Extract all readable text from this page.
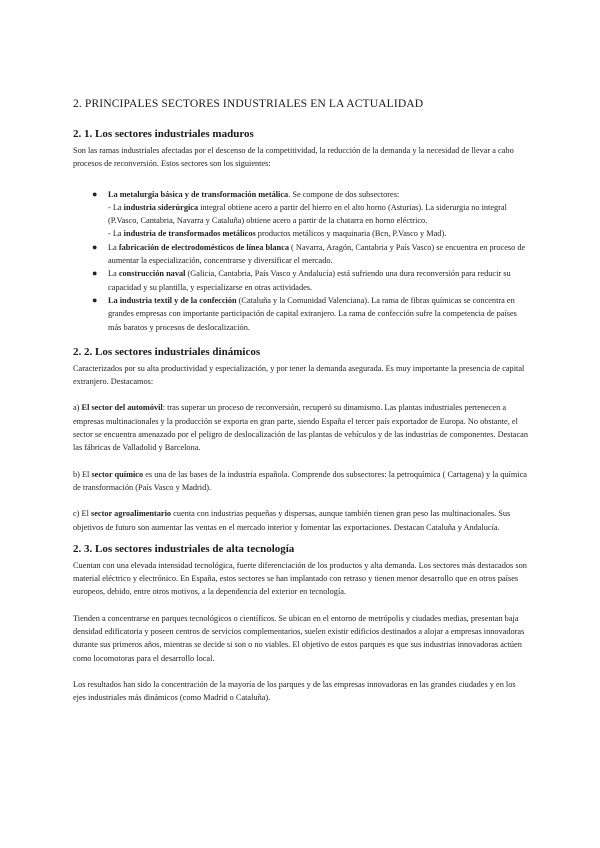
2. PRINCIPALES SECTORES INDUSTRIALES EN LA ACTUALIDAD
2. 1. Los sectores industriales maduros

Son las ramas industriales afectadas por el descenso de la competitividad, la reducción de la demanda y la necesidad de llevar a cabo procesos de reconversión. Estos sectores son los siguientes:

● La metalurgia básica y de transformación metálica. Se compone de dos subsectores:
- La industria siderúrgica integral obtiene acero a partir del hierro en el alto horno (Asturias). La siderurgia no integral (P.Vasco, Cantabria, Navarra y Cataluña) obtiene acero a partir de la chatarra en horno eléctrico.
- La industria de transformados metálicos productos metálicos y maquinaria (Bcn, P.Vasco y Mad).
● La fabricación de electrodomésticos de línea blanca ( Navarra, Aragón, Cantabria y País Vasco) se encuentra en proceso de aumentar la especialización, concentrarse y diversificar el mercado.
● La construcción naval (Galicia, Cantabria, País Vasco y Andalucía) está sufriendo una dura reconversión para reducir su capacidad y su plantilla, y especializarse en otras actividades.
● La industria textil y de la confección (Cataluña y la Comunidad Valenciana). La rama de fibras químicas se concentra en grandes empresas con importante participación de capital extranjero. La rama de confección sufre la competencia de países más baratos y procesos de deslocalización.
2. 2. Los sectores industriales dinámicos

Caracterizados por su alta productividad y especialización, y por tener la demanda asegurada. Es muy importante la presencia de capital extranjero. Destacamos:

a) El sector del automóvil: tras superar un proceso de reconversión, recuperó su dinamismo. Las plantas industriales pertenecen a empresas multinacionales y la producción se exporta en gran parte, siendo España el tercer país exportador de Europa. No obstante, el sector se encuentra amenazado por el peligro de deslocalización de las plantas de vehículos y de las industrias de componentes. Destacan las fábricas de Valladolid y Barcelona.

b) El sector químico es una de las bases de la industria española. Comprende dos subsectores: la petroquímica ( Cartagena) y la química de transformación (País Vasco y Madrid).

c) El sector agroalimentario cuenta con industrias pequeñas y dispersas, aunque también tienen gran peso las multinacionales. Sus objetivos de futuro son aumentar las ventas en el mercado interior y fomentar las exportaciones. Destacan Cataluña y Andalucía.

2. 3. Los sectores industriales de alta tecnología

Cuentan con una elevada intensidad tecnológica, fuerte diferenciación de los productos y alta demanda. Los sectores más destacados son material eléctrico y electrónico. En España, estos sectores se han implantado con retraso y tienen menor desarrollo que en otros países europeos, debido, entre otros motivos, a la dependencia del exterior en tecnología.

Tienden a concentrarse en parques tecnológicos o científicos. Se ubican en el entorno de metrópolis y ciudades medias, presentan baja densidad edificatoria y poseen centros de servicios complementarios, suelen existir edificios destinados a alojar a empresas innovadoras durante sus primeros años, mientras se decide si son o no viables. El objetivo de estos parques es que sus industrias innovadoras actúen como locomotoras para el desarrollo local.

Los resultados han sido la concentración de la mayoría de los parques y de las empresas innovadoras en las grandes ciudades y en los ejes industriales más dinámicos (como Madrid o Cataluña).
